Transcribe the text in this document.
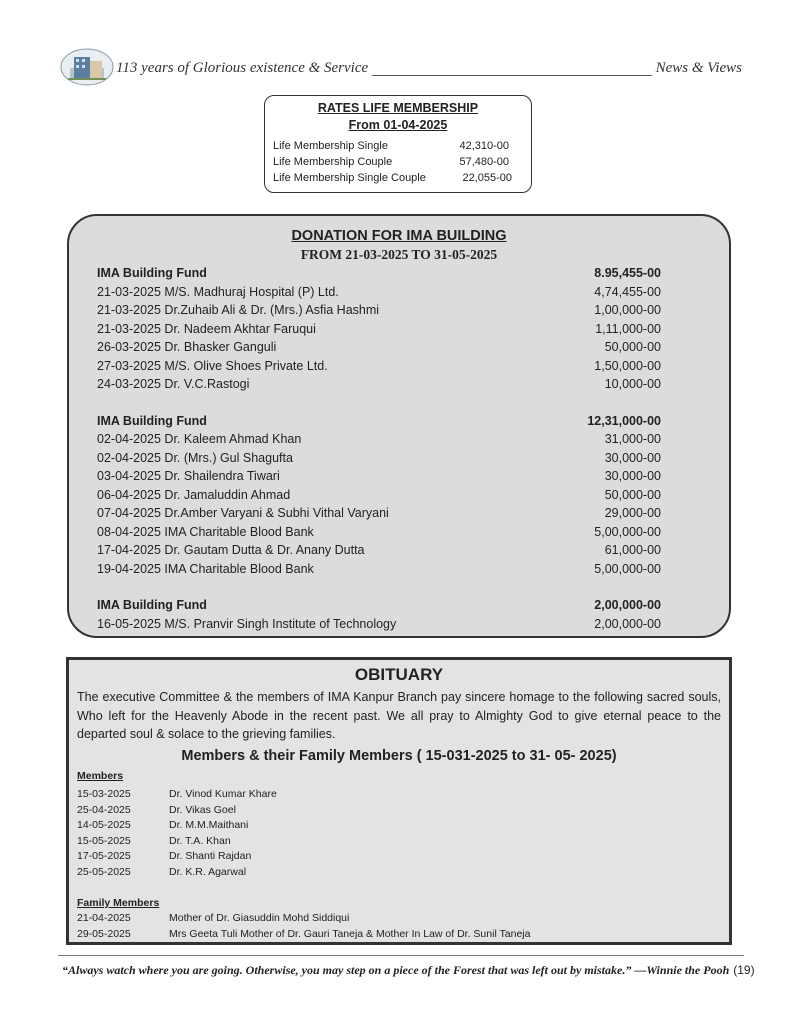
113 years of Glorious existence & Service	News & Views
RATES LIFE MEMBERSHIP
From 01-04-2025
Life Membership Single	42,310-00
Life Membership Couple	57,480-00
Life Membership Single Couple	22,055-00
DONATION FOR IMA BUILDING
FROM 21-03-2025 TO 31-05-2025
IMA Building Fund	8.95,455-00
21-03-2025 M/S. Madhuraj Hospital (P) Ltd.	4,74,455-00
21-03-2025 Dr.Zuhaib Ali & Dr. (Mrs.) Asfia Hashmi	1,00,000-00
21-03-2025 Dr. Nadeem Akhtar Faruqui	1,11,000-00
26-03-2025 Dr. Bhasker Ganguli	50,000-00
27-03-2025 M/S. Olive Shoes Private Ltd.	1,50,000-00
24-03-2025 Dr. V.C.Rastogi	10,000-00
IMA Building Fund	12,31,000-00
02-04-2025 Dr. Kaleem Ahmad Khan	31,000-00
02-04-2025 Dr. (Mrs.) Gul Shagufta	30,000-00
03-04-2025 Dr. Shailendra Tiwari	30,000-00
06-04-2025 Dr. Jamaluddin Ahmad	50,000-00
07-04-2025 Dr.Amber Varyani & Subhi Vithal Varyani	29,000-00
08-04-2025 IMA Charitable Blood Bank	5,00,000-00
17-04-2025 Dr. Gautam Dutta & Dr. Anany Dutta	61,000-00
19-04-2025 IMA Charitable Blood Bank	5,00,000-00
IMA Building Fund	2,00,000-00
16-05-2025 M/S. Pranvir Singh Institute of Technology	2,00,000-00
OBITUARY
The executive Committee & the members of IMA Kanpur Branch pay sincere homage to the following sacred souls, Who left for the Heavenly Abode in the recent past. We all pray to Almighty God to give eternal peace to the departed soul & solace to the grieving families.
Members & their Family Members ( 15-031-2025 to 31- 05- 2025)
Members
15-03-2025	Dr. Vinod Kumar Khare
25-04-2025	Dr. Vikas Goel
14-05-2025	Dr. M.M.Maithani
15-05-2025	Dr. T.A. Khan
17-05-2025	Dr. Shanti Rajdan
25-05-2025	Dr. K.R. Agarwal
Family Members
21-04-2025	Mother of Dr. Giasuddin Mohd Siddiqui
29-05-2025	Mrs Geeta Tuli Mother of Dr. Gauri Taneja & Mother In Law of Dr. Sunil Taneja
“Always watch where you are going. Otherwise, you may step on a piece of the Forest that was left out by mistake.” —Winnie the Pooh (19)
